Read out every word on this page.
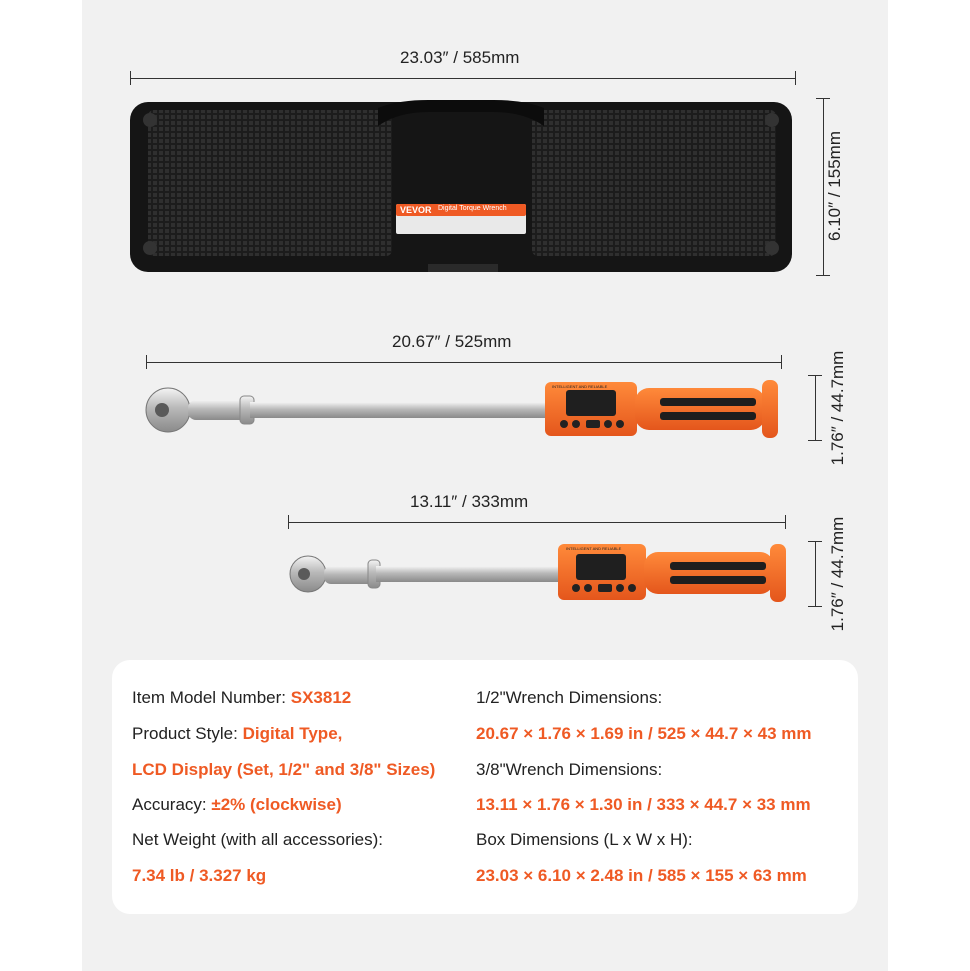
23.03″ / 585mm
6.10″ / 155mm
VEVOR Digital Torque Wrench
20.67″ / 525mm
1.76″ / 44.7mm
INTELLIGENT AND RELIABLE
13.11″ / 333mm
1.76″ / 44.7mm
INTELLIGENT AND RELIABLE
Item Model Number: SX3812
Product Style: Digital Type,
LCD Display (Set, 1/2" and 3/8" Sizes)
Accuracy: ±2% (clockwise)
Net Weight (with all accessories):
7.34 lb / 3.327 kg
1/2"Wrench Dimensions:
20.67 × 1.76 × 1.69 in / 525 × 44.7 × 43 mm
3/8"Wrench Dimensions:
13.11 × 1.76 × 1.30 in / 333 × 44.7 × 33 mm
Box Dimensions (L x W x H):
23.03 × 6.10 × 2.48 in / 585 × 155 × 63 mm
